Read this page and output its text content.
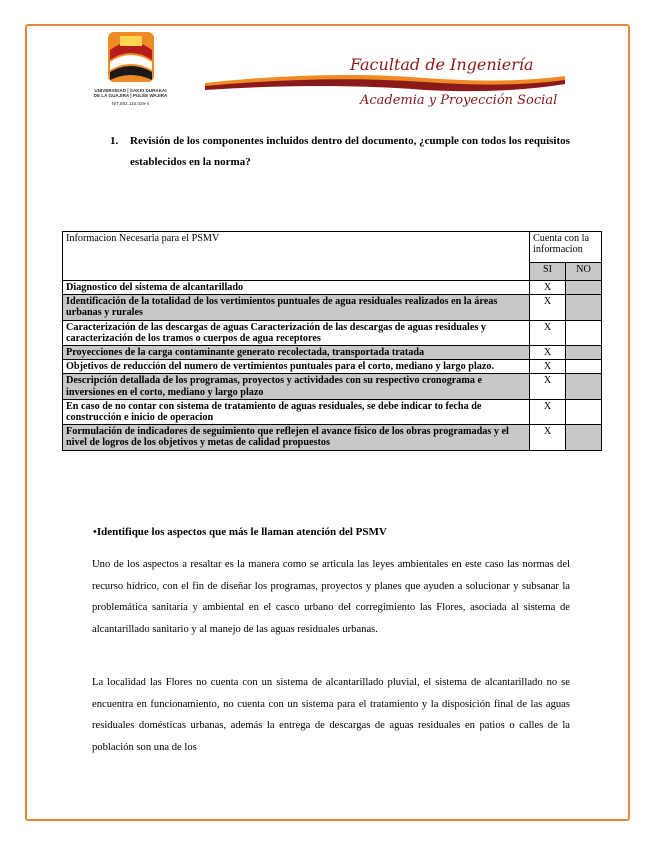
UNIVERSIDAD | SAKKI DURAKAI
DE LA GUAJIRA | PULEE WAJIRA
NIT.892.115.029-4
Facultad de Ingeniería
Academia y Proyección Social
1. Revisión de los componentes incluidos dentro del documento, ¿cumple con todos los requisitos establecidos en la norma?
Informacion Necesaria para el PSMV	Cuenta con la informacion	
	SI	NO
Diagnostico del sistema de alcantarillado	X	
Identificación de la totalidad de los vertimientos puntuales de agua residuales realizados en la áreas urbanas y rurales	X	
Caracterización de las descargas de aguas Caracterización de las descargas de aguas residuales y caracterización de los tramos o cuerpos de agua receptores	X	
Proyecciones de la carga contaminante generato recolectada, transportada tratada	X	
Objetivos de reducción del numero de vertimientos puntuales para el corto, mediano y largo plazo.	X	
Descripción detallada de los programas, proyectos y actividades con su respectivo cronograma e inversiones en el corto, mediano y largo plazo	X	
En caso de no contar con sistema de tratamiento de aguas residuales, se debe indicar to fecha de construcción e inicio de operacion	X	
Formulación de indicadores de seguimiento que reflejen el avance físico de los obras programadas y el nivel de logros de los objetivos y metas de calidad propuestos	X	
•Identifique los aspectos que más le llaman atención del PSMV
Uno de los aspectos a resaltar es la manera como se articula las leyes ambientales en este caso las normas del recurso hídrico, con el fin de diseñar los programas, proyectos y planes que ayuden a solucionar y subsanar la problemática sanitaria y ambiental en el casco urbano del corregimiento las Flores, asociada al sistema de alcantarillado sanitario y al manejo de las aguas residuales urbanas.
La localidad las Flores no cuenta con un sistema de alcantarillado pluvial, el sistema de alcantarillado no se encuentra en funcionamiento, no cuenta con un sistema para el tratamiento y la disposición final de las aguas residuales domésticas urbanas, además la entrega de descargas de aguas residuales en patios o calles de la población son una de los
